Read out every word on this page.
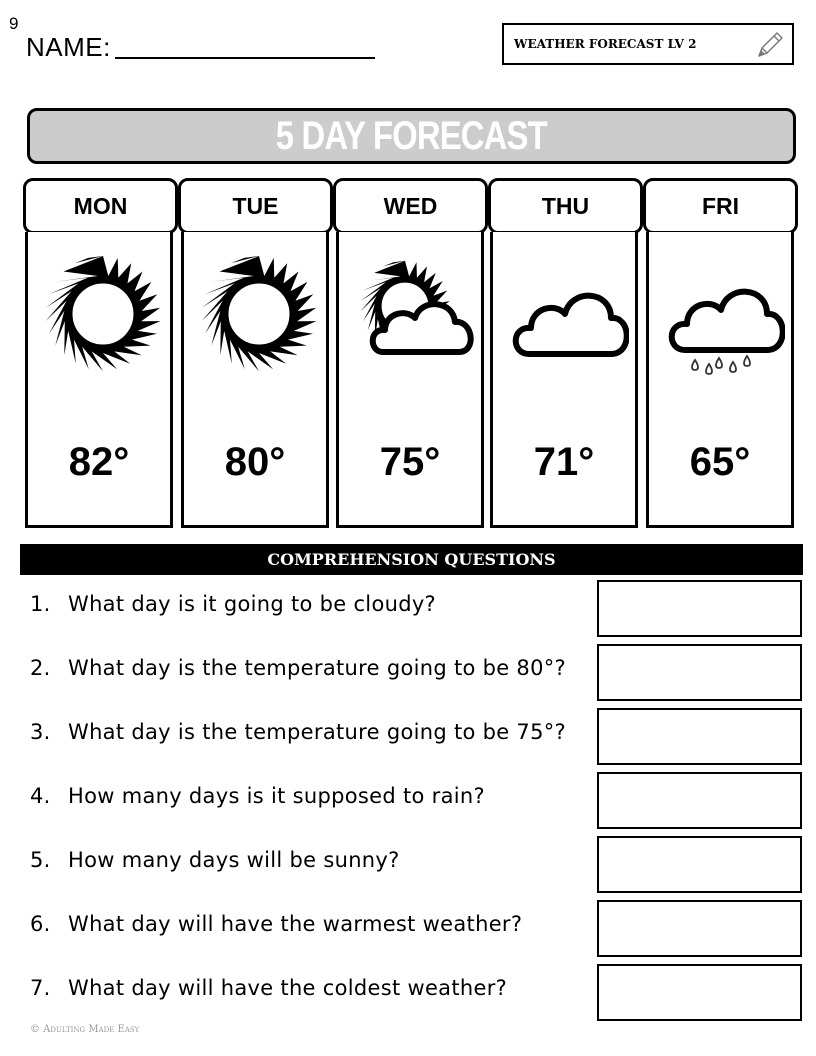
9
NAME:	WEATHER FORECAST LV 2
5 DAY FORECAST
MON	TUE	WED	THU	FRI
82°	80°	75°	71°	65°
COMPREHENSION QUESTIONS
1. What day is it going to be cloudy?
2. What day is the temperature going to be 80°?
3. What day is the temperature going to be 75°?
4. How many days is it supposed to rain?
5. How many days will be sunny?
6. What day will have the warmest weather?
7. What day will have the coldest weather?
© Adulting Made Easy
